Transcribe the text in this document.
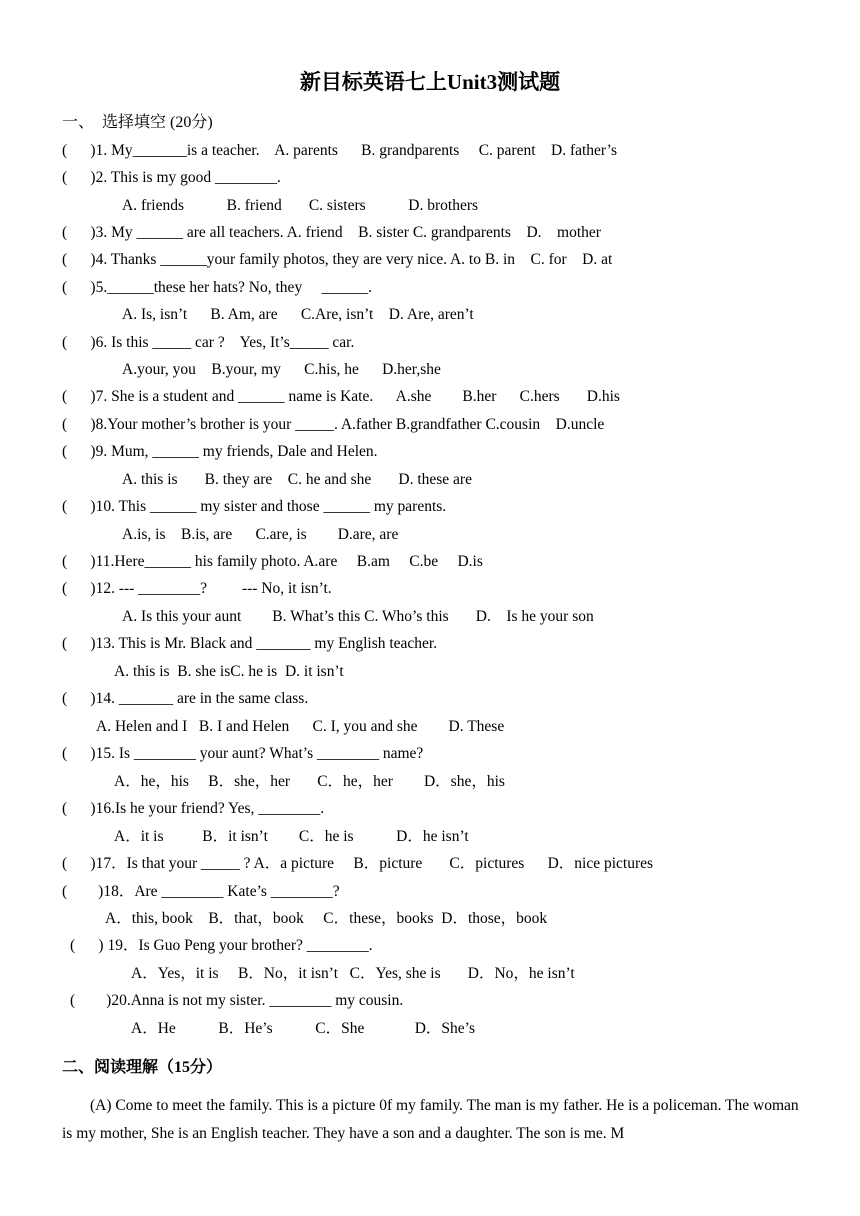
新目标英语七上Unit3测试题
一、  选择填空 (20分)
(      )1. My_______is a teacher.    A. parents      B. grandparents     C. parent    D. father’s
(      )2. This is my good ________.
A. friends           B. friend       C. sisters           D. brothers
(      )3. My ______ are all teachers. A. friend    B. sister C. grandparents    D.    mother
(      )4. Thanks ______your family photos, they are very nice. A. to B. in    C. for    D. at
(      )5.______these her hats? No, they     ______.
A. Is, isn’t      B. Am, are      C.Are, isn’t    D. Are, aren’t
(      )6. Is this _____ car ?    Yes, It’s_____ car.
A.your, you    B.your, my      C.his, he      D.her,she
(      )7. She is a student and ______ name is Kate.      A.she        B.her      C.hers       D.his
(      )8.Your mother’s brother is your _____. A.father B.grandfather C.cousin    D.uncle
(      )9. Mum, ______ my friends, Dale and Helen.
A. this is       B. they are    C. he and she       D. these are
(      )10. This ______ my sister and those ______ my parents.
A.is, is    B.is, are      C.are, is        D.are, are
(      )11.Here______ his family photo. A.are     B.am     C.be     D.is
(      )12. --- ________?         --- No, it isn’t.
A. Is this your aunt        B. What’s this C. Who’s this       D.    Is he your son
(      )13. This is Mr. Black and _______ my English teacher.
A. this is  B. she isC. he is  D. it isn’t
(      )14. _______ are in the same class.
A. Helen and I   B. I and Helen      C. I, you and she        D. These
(      )15. Is ________ your aunt? What’s ________ name?
A．he，his     B．she，her       C．he，her        D．she，his
(      )16.Is he your friend? Yes, ________.
A．it is          B．it isn’t        C．he is           D．he isn’t
(      )17．Is that your _____ ? A．a picture     B．picture       C．pictures      D．nice pictures
(        )18．Are ________ Kate’s ________?
A．this, book    B．that，book     C．these，books  D．those，book
(      ) 19．Is Guo Peng your brother? ________.
A．Yes，it is     B．No，it isn’t   C．Yes, she is       D．No，he isn’t
(        )20.Anna is not my sister. ________ my cousin.
A．He           B．He’s           C．She             D．She’s
二、阅读理解（15分）
(A) Come to meet the family. This is a picture 0f my family. The man is my father. He is a policeman. The woman is my mother, She is an English teacher. They have a son and a daughter. The son is me. M
